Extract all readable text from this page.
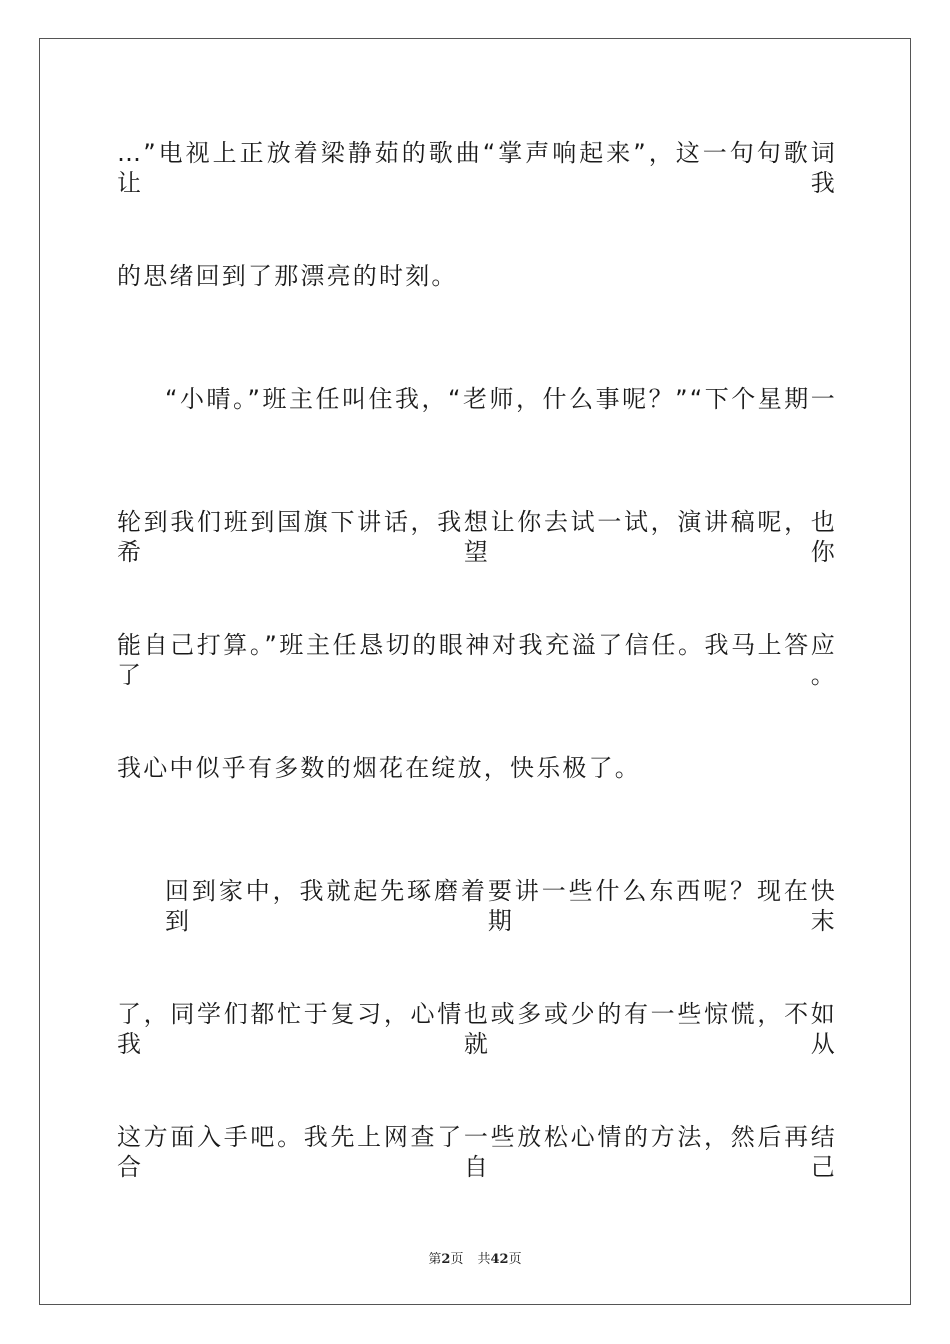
…”电视上正放着梁静茹的歌曲“掌声响起来”，这一句句歌词让我
的思绪回到了那漂亮的时刻。
“小晴。”班主任叫住我，“老师，什么事呢？”“下个星期一
轮到我们班到国旗下讲话，我想让你去试一试，演讲稿呢，也希望你
能自己打算。”班主任恳切的眼神对我充溢了信任。我马上答应了。
我心中似乎有多数的烟花在绽放，快乐极了。
回到家中，我就起先琢磨着要讲一些什么东西呢？现在快到期末
了，同学们都忙于复习，心情也或多或少的有一些惊慌，不如我就从
这方面入手吧。我先上网查了一些放松心情的方法，然后再结合自己
第2页 共42页
